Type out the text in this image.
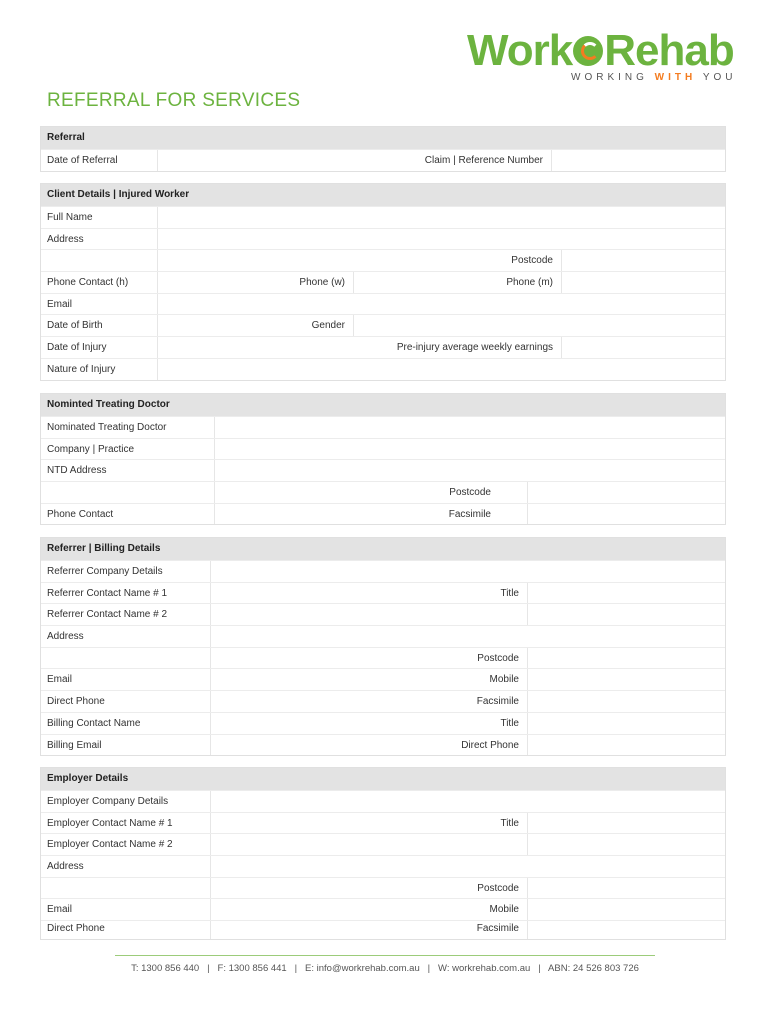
Work Rehab
WORKING WITH YOU
REFERRAL FOR SERVICES
Referral
Date of Referral	Claim | Reference Number
Client Details | Injured Worker
Full Name
Address
Postcode
Phone Contact (h)	Phone (w)	Phone (m)
Email
Date of Birth	Gender
Date of Injury	Pre-injury average weekly earnings
Nature of Injury
Nominted Treating Doctor
Nominated Treating Doctor
Company | Practice
NTD Address
Postcode
Phone Contact	Facsimile
Referrer | Billing Details
Referrer Company Details
Referrer Contact Name # 1	Title
Referrer Contact Name # 2
Address
Postcode
Email	Mobile
Direct Phone	Facsimile
Billing Contact Name	Title
Billing Email	Direct Phone
Employer Details
Employer Company Details
Employer Contact Name # 1	Title
Employer Contact Name # 2
Address
Postcode
Email	Mobile
Direct Phone	Facsimile
T: 1300 856 440   |   F: 1300 856 441   |   E: info@workrehab.com.au   |   W: workrehab.com.au   |   ABN: 24 526 803 726
